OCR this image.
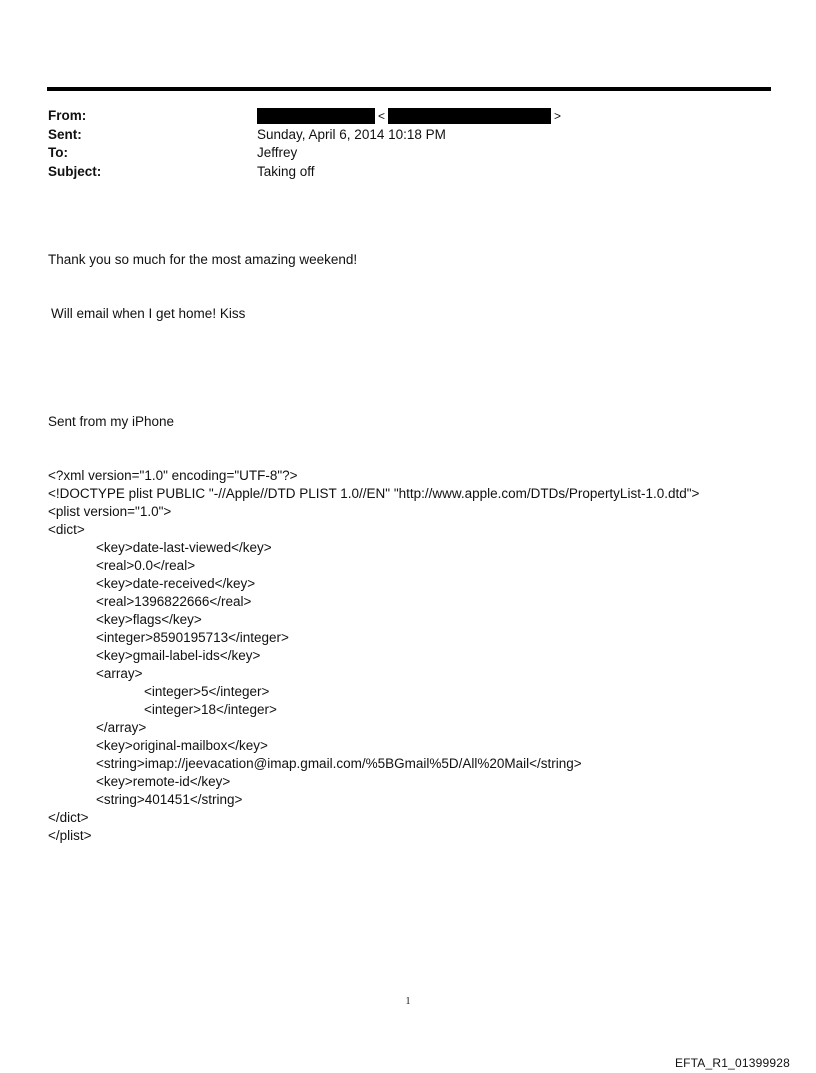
From:	<	>
Sent:	Sunday, April 6, 2014 10:18 PM
To:	Jeffrey
Subject:	Taking off

Thank you so much for the most amazing weekend!

Will email when I get home! Kiss

Sent from my iPhone

<?xml version="1.0" encoding="UTF-8"?>
<!DOCTYPE plist PUBLIC "-//Apple//DTD PLIST 1.0//EN" "http://www.apple.com/DTDs/PropertyList-1.0.dtd">
<plist version="1.0">
<dict>
<key>date-last-viewed</key>
<real>0.0</real>
<key>date-received</key>
<real>1396822666</real>
<key>flags</key>
<integer>8590195713</integer>
<key>gmail-label-ids</key>
<array>
<integer>5</integer>
<integer>18</integer>
</array>
<key>original-mailbox</key>
<string>imap://jeevacation@imap.gmail.com/%5BGmail%5D/All%20Mail</string>
<key>remote-id</key>
<string>401451</string>
</dict>
</plist>

1
EFTA_R1_01399928
